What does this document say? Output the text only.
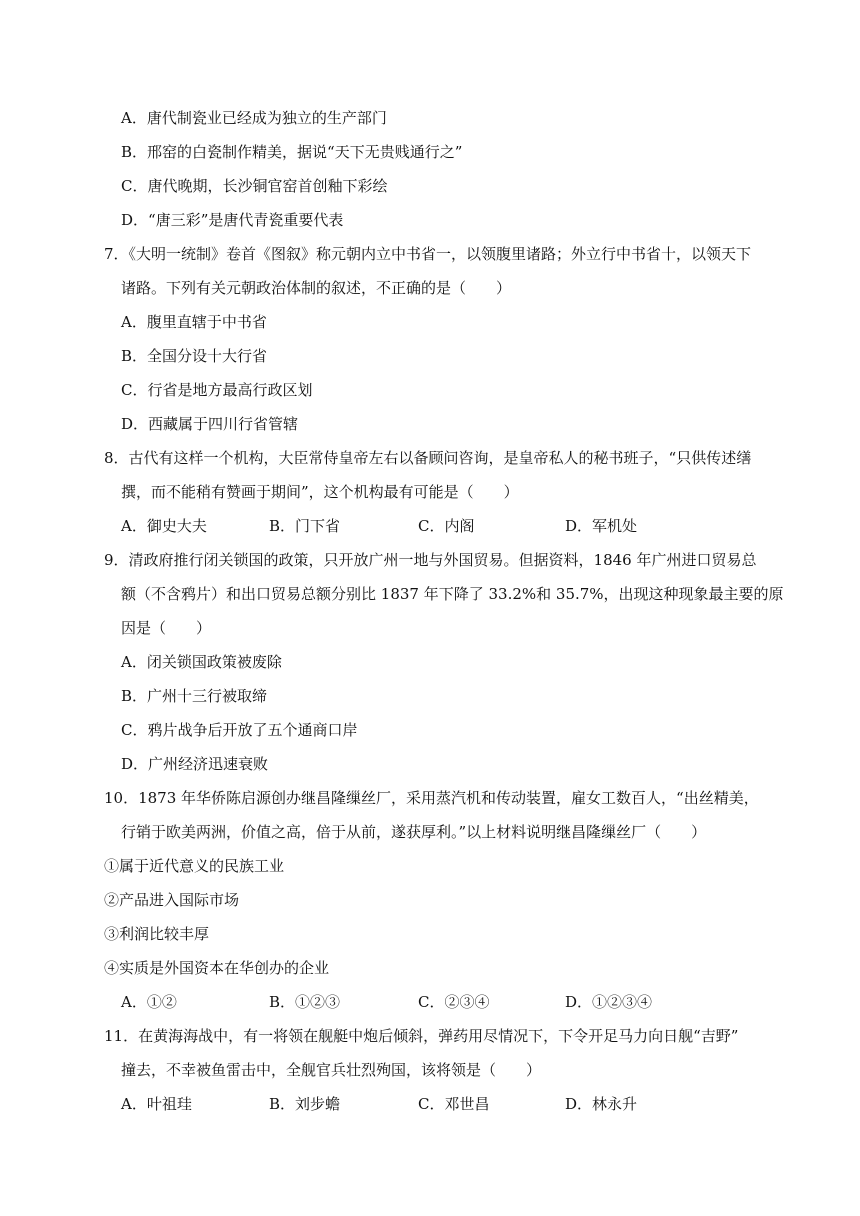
A．唐代制瓷业已经成为独立的生产部门
B．邢窑的白瓷制作精美，据说“天下无贵贱通行之”
C．唐代晚期，长沙铜官窑首创釉下彩绘
D．“唐三彩”是唐代青瓷重要代表
7．《大明一统制》卷首《图叙》称元朝内立中书省一，以领腹里诸路；外立行中书省十，以领天下
诸路。下列有关元朝政治体制的叙述，不正确的是（　　）
A．腹里直辖于中书省
B．全国分设十大行省
C．行省是地方最高行政区划
D．西藏属于四川行省管辖
8．古代有这样一个机构，大臣常侍皇帝左右以备顾问咨询，是皇帝私人的秘书班子，“只供传述缮
撰，而不能稍有赞画于期间”，这个机构最有可能是（　　）
A．御史大夫	B．门下省	C．内阁	D．军机处
9．清政府推行闭关锁国的政策，只开放广州一地与外国贸易。但据资料，1846 年广州进口贸易总
额（不含鸦片）和出口贸易总额分别比 1837 年下降了 33.2%和 35.7%，出现这种现象最主要的原
因是（　　）
A．闭关锁国政策被废除
B．广州十三行被取缔
C．鸦片战争后开放了五个通商口岸
D．广州经济迅速衰败
10．1873 年华侨陈启源创办继昌隆缫丝厂，采用蒸汽机和传动装置，雇女工数百人，“出丝精美，
行销于欧美两洲，价值之高，倍于从前，遂获厚利。”以上材料说明继昌隆缫丝厂（　　）
①属于近代意义的民族工业
②产品进入国际市场
③利润比较丰厚
④实质是外国资本在华创办的企业
A．①②	B．①②③	C．②③④	D．①②③④
11．在黄海海战中，有一将领在舰艇中炮后倾斜，弹药用尽情况下，下令开足马力向日舰“吉野”
撞去，不幸被鱼雷击中，全舰官兵壮烈殉国，该将领是（　　）
A．叶祖珪	B．刘步蟾	C．邓世昌	D．林永升
